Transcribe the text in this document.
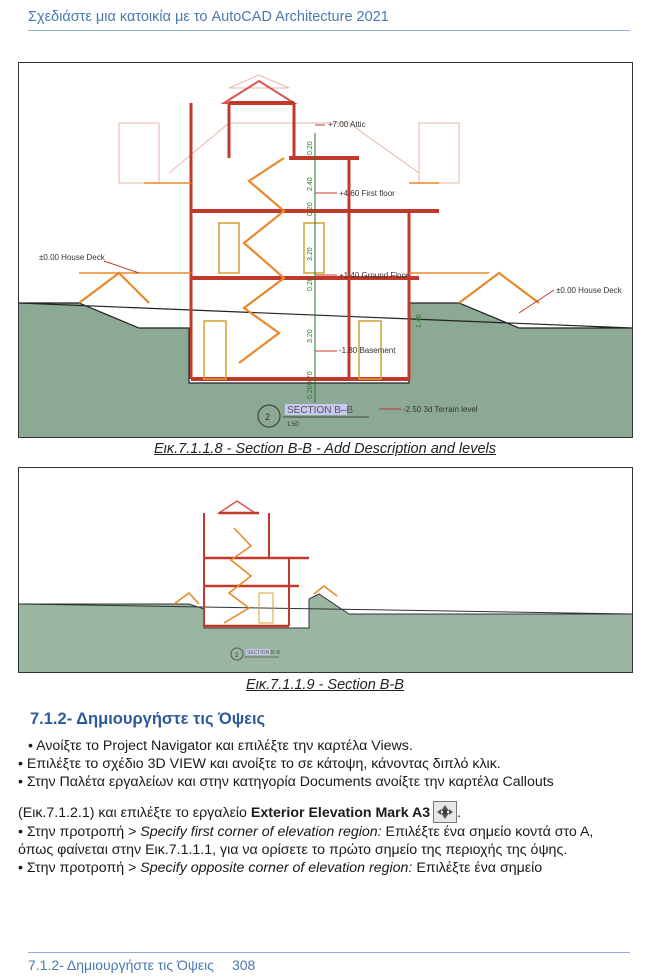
Σχεδιάστε μια κατοικία με το AutoCAD Architecture 2021
+7.00 Attic
+4.60 First floor
+1.40 Ground Floor
-1.80 Basement
-2.50 3d Terrain level
±0.00 House Deck
±0.00 House Deck
0.20
2.40
0.20
3.20
0.20
3.20
0.70
0.20
1.40
2
SECTION B–B
1:50
Εικ.7.1.1.8 - Section B-B - Add Description and levels
2 SECTION B–B
Εικ.7.1.1.9 - Section B-B
7.1.2- Δημιουργήστε τις Όψεις

• Ανοίξτε το Project Navigator και επιλέξτε την καρτέλα Views.

• Επιλέξτε το σχέδιο 3D VIEW και ανοίξτε το σε κάτοψη, κάνοντας διπλό κλικ.

• Στην Παλέτα εργαλείων και στην κατηγορία Documents ανοίξτε την καρτέλα Callouts

(Εικ.7.1.2.1) και επιλέξτε το εργαλείο Exterior Elevation Mark A3 .

• Στην προτροπή > Specify first corner of elevation region: Επιλέξτε ένα σημείο κοντά στο Α, όπως φαίνεται στην Εικ.7.1.1.1, για να ορίσετε το πρώτο σημείο της περιοχής της όψης.

• Στην προτροπή > Specify opposite corner of elevation region: Επιλέξτε ένα σημείο

7.1.2- Δημιουργήστε τις Όψεις 308
